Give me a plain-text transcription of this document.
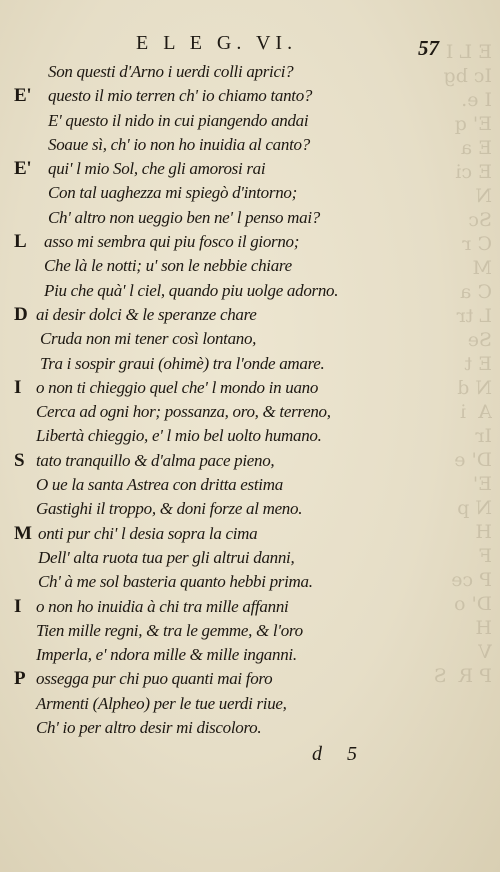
E L I
Ic bg
I e.
E' q
E a
E ci
N
Sc
C r
M
C a
L tr
Se
E t
N d
A  i
Ir
D' e
E'
N p
H
F
P ce
D' o
H
V
P R  S
E L E G. VI.	57
Son questi d'Arno i uerdi colli aprici?
E' questo il mio terren ch' io chiamo tanto?
E' questo il nido in cui piangendo andai
Soaue sì, ch' io non ho inuidia al canto?
E' qui' l mio Sol, che gli amorosi rai
Con tal uaghezza mi spiegò d'intorno;
Ch' altro non ueggio ben ne' l penso mai?
L asso mi sembra qui piu fosco il giorno;
Che là le notti; u' son le nebbie chiare
Piu che quà' l ciel, quando piu uolge adorno.
D ai desir dolci & le speranze chare
Cruda non mi tener così lontano,
Tra i sospir graui (ohimè) tra l'onde amare.
I o non ti chieggio quel che' l mondo in uano
Cerca ad ogni hor; possanza, oro, & terreno,
Libertà chieggio, e' l mio bel uolto humano.
S tato tranquillo & d'alma pace pieno,
O ue la santa Astrea con dritta estima
Gastighi il troppo, & doni forze al meno.
M onti pur chi' l desia sopra la cima
Dell' alta ruota tua per gli altrui danni,
Ch' à me sol basteria quanto hebbi prima.
I o non ho inuidia à chi tra mille affanni
Tien mille regni, & tra le gemme, & l'oro
Imperla, e' ndora mille & mille inganni.
P ossegga pur chi puo quanti mai foro
Armenti (Alpheo) per le tue uerdi riue,
Ch' io per altro desir mi discoloro.
d 5
